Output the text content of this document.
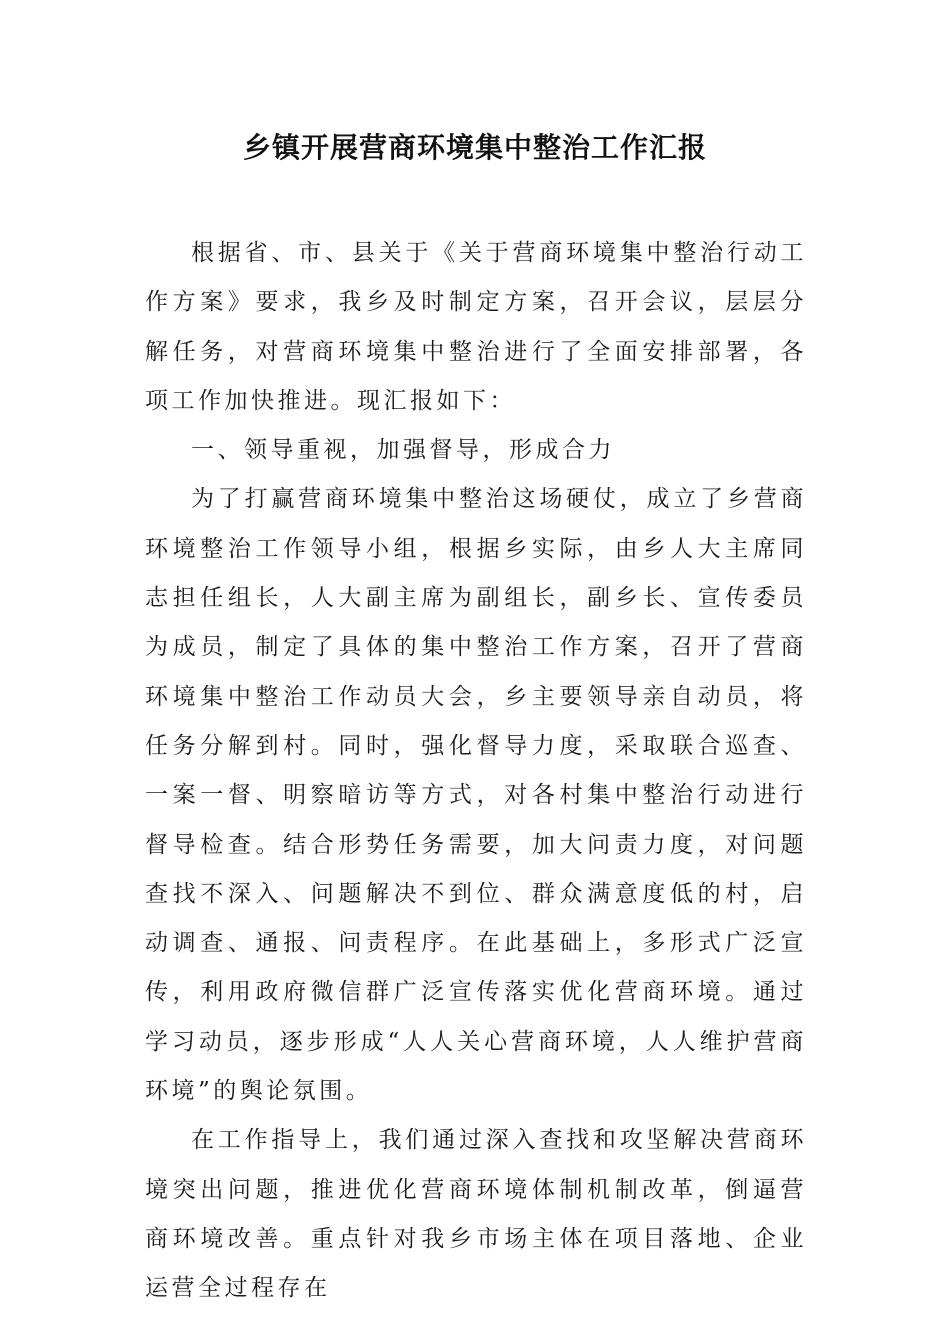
乡镇开展营商环境集中整治工作汇报

根据省、市、县关于《关于营商环境集中整治行动工作方案》要求，我乡及时制定方案，召开会议，层层分解任务，对营商环境集中整治进行了全面安排部署，各项工作加快推进。现汇报如下：

一、领导重视，加强督导，形成合力

为了打赢营商环境集中整治这场硬仗，成立了乡营商环境整治工作领导小组，根据乡实际，由乡人大主席同志担任组长，人大副主席为副组长，副乡长、宣传委员为成员，制定了具体的集中整治工作方案，召开了营商环境集中整治工作动员大会，乡主要领导亲自动员，将任务分解到村。同时，强化督导力度，采取联合巡查、一案一督、明察暗访等方式，对各村集中整治行动进行督导检查。结合形势任务需要，加大问责力度，对问题查找不深入、问题解决不到位、群众满意度低的村，启动调查、通报、问责程序。在此基础上，多形式广泛宣传，利用政府微信群广泛宣传落实优化营商环境。通过学习动员，逐步形成“人人关心营商环境，人人维护营商环境”的舆论氛围。

在工作指导上，我们通过深入查找和攻坚解决营商环境突出问题，推进优化营商环境体制机制改革，倒逼营商环境改善。重点针对我乡市场主体在项目落地、企业运营全过程存在
